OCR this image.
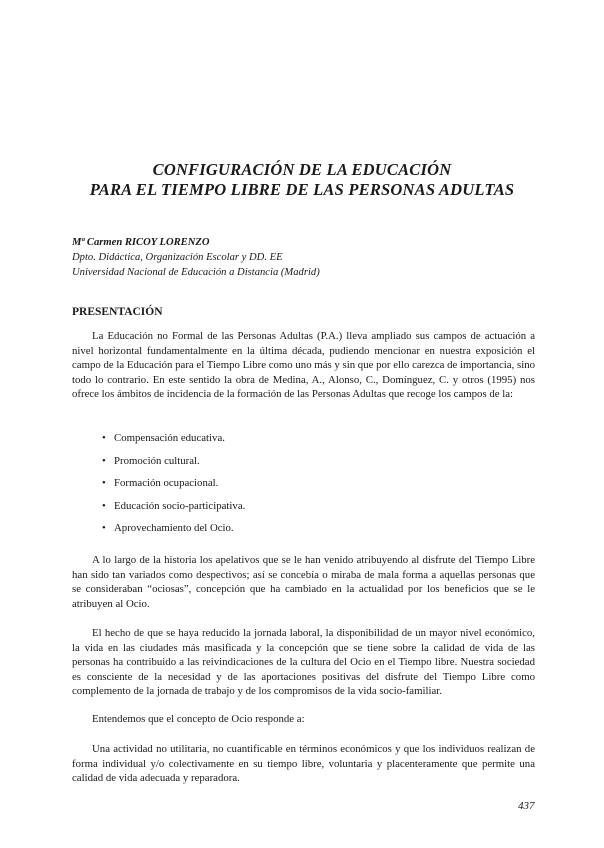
CONFIGURACIÓN DE LA EDUCACIÓN
PARA EL TIEMPO LIBRE DE LAS PERSONAS ADULTAS
Mª Carmen RICOY LORENZO
Dpto. Didáctica, Organización Escolar y DD. EE
Universidad Nacional de Educación a Distancia (Madrid)
PRESENTACIÓN

La Educación no Formal de las Personas Adultas (P.A.) lleva ampliado sus campos de actuación a nivel horizontal fundamentalmente en la última década, pudiendo mencionar en nuestra exposición el campo de la Educación para el Tiempo Libre como uno más y sin que por ello carezca de importancia, sino todo lo contrario. En este sentido la obra de Medina, A., Alonso, C., Domínguez, C. y otros (1995) nos ofrece los ámbitos de incidencia de la formación de las Personas Adultas que recoge los campos de la:

• Compensación educativa.
• Promoción cultural.
• Formación ocupacional.
• Educación socio-participativa.
• Aprovechamiento del Ocio.

A lo largo de la historia los apelativos que se le han venido atribuyendo al disfrute del Tiempo Libre han sido tan variados como despectivos; así se concebía o miraba de mala forma a aquellas personas que se consideraban “ociosas”, concepción que ha cambiado en la actualidad por los beneficios que se le atribuyen al Ocio.

El hecho de que se haya reducido la jornada laboral, la disponibilidad de un mayor nivel económico, la vida en las ciudades más masificada y la concepción que se tiene sobre la calidad de vida de las personas ha contribuido a las reivindicaciones de la cultura del Ocio en el Tiempo libre. Nuestra sociedad es consciente de la necesidad y de las aportaciones positivas del disfrute del Tiempo Libre como complemento de la jornada de trabajo y de los compromisos de la vida socio-familiar.

Entendemos que el concepto de Ocio responde a:

Una actividad no utilitaria, no cuantificable en términos económicos y que los individuos realizan de forma individual y/o colectivamente en su tiempo libre, voluntaria y placenteramente que permite una calidad de vida adecuada y reparadora.

437
